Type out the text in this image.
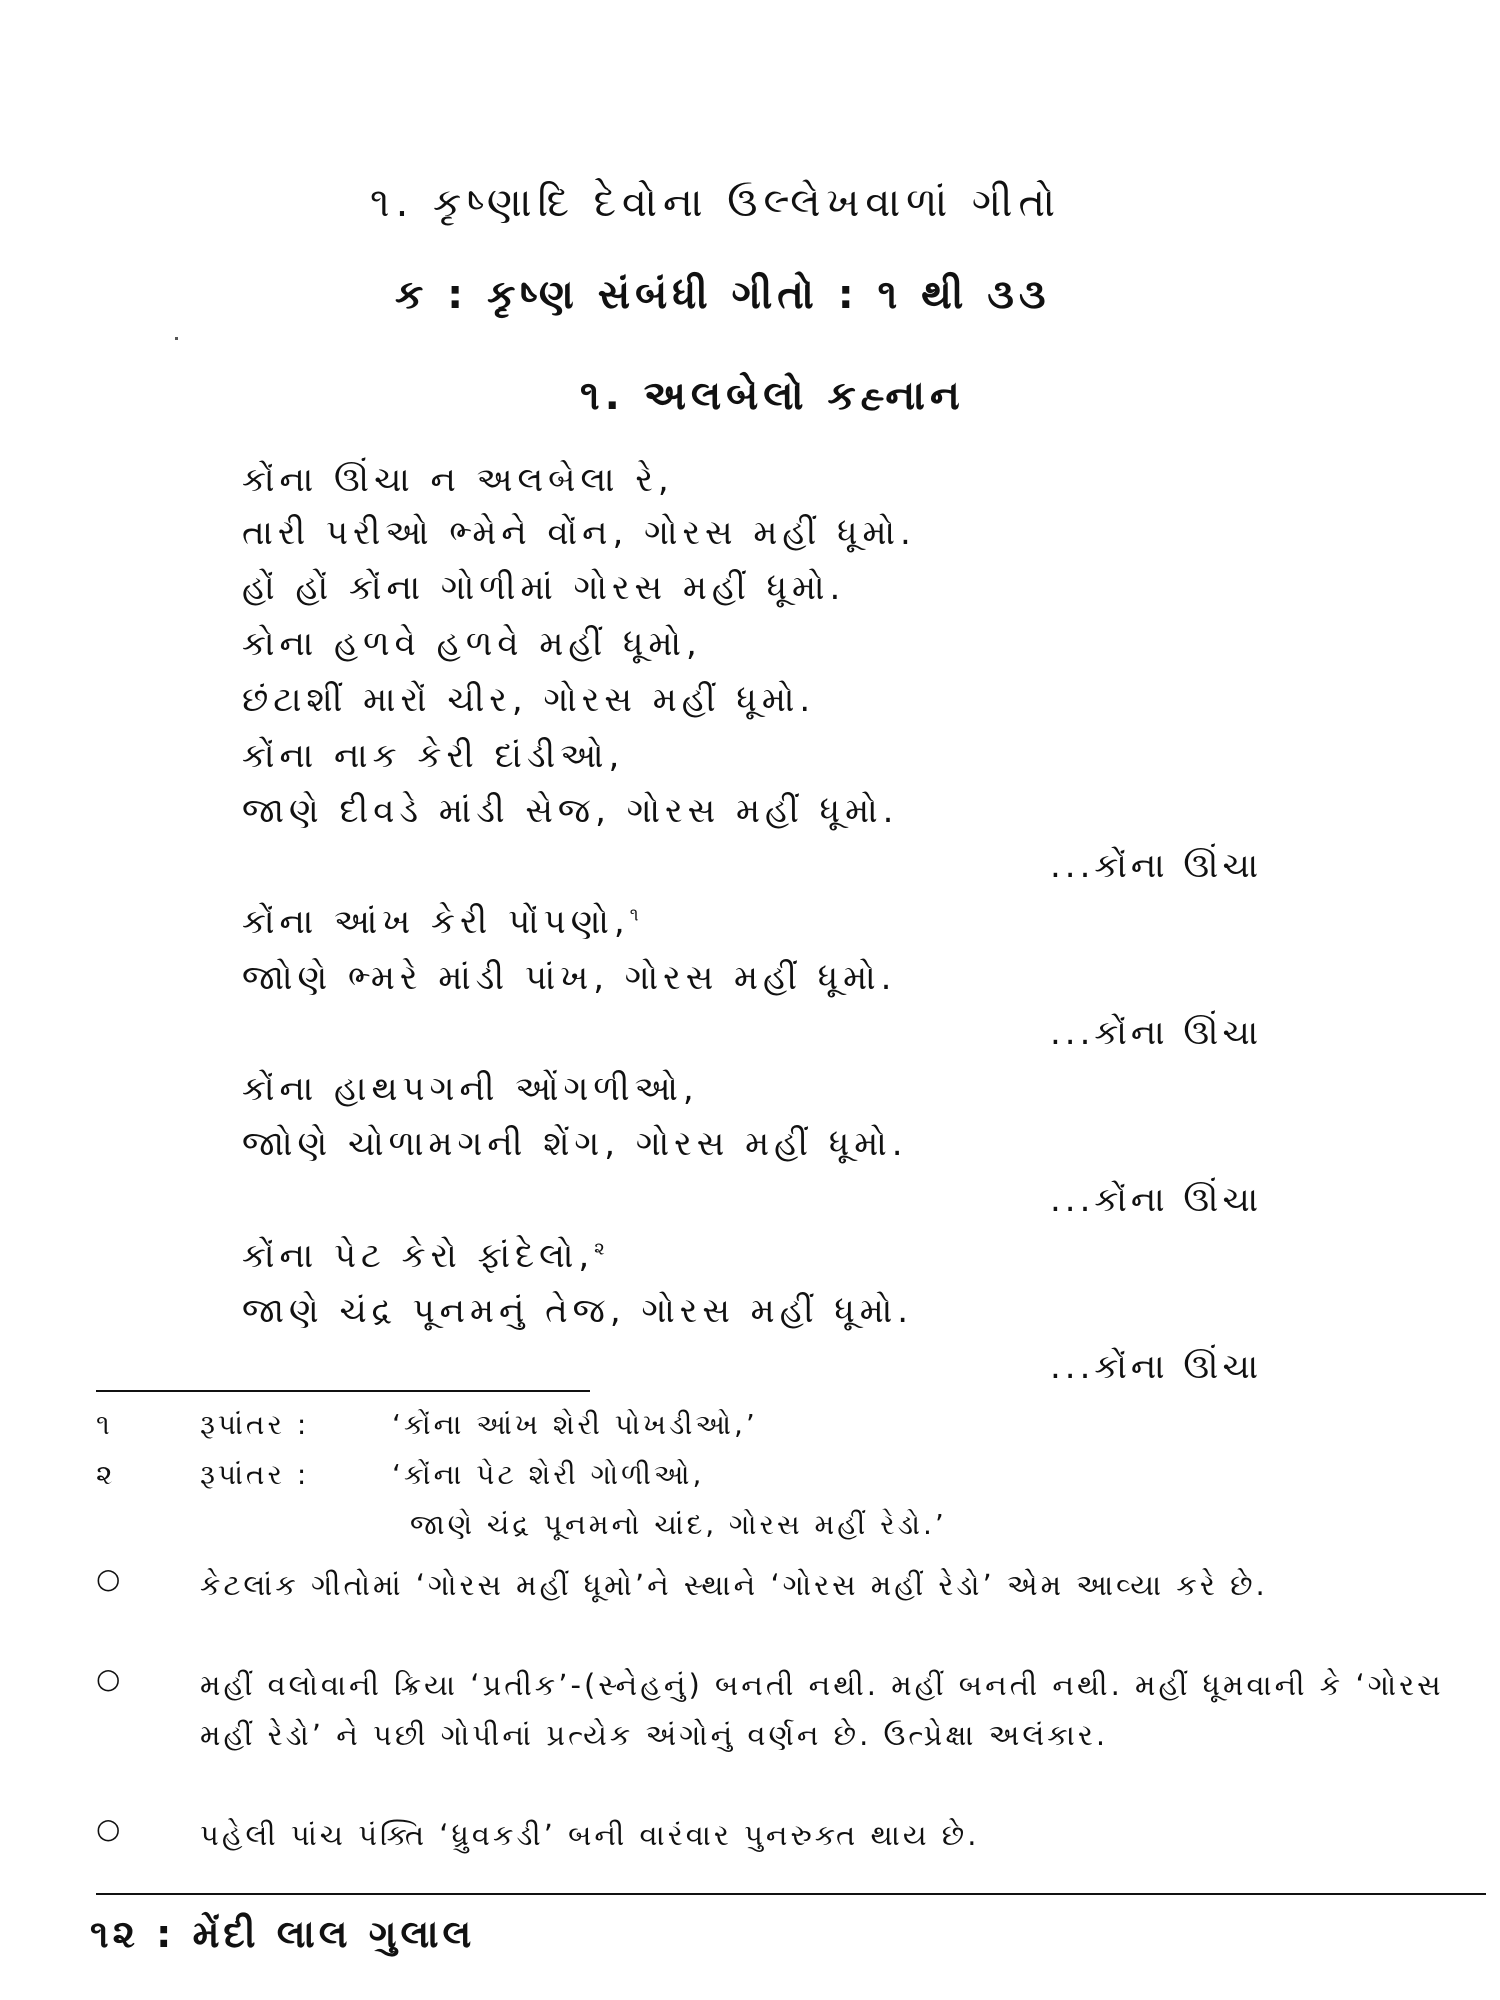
૧. કૃષ્ણાદિ દેવોના ઉલ્લેખવાળાં ગીતો
ક : કૃષ્ણ સંબંધી ગીતો : ૧ થી ૩૩
૧. અલબેલો કહ્નાન
કોંના ઊંચા ન અલબેલા રે,
તારી પરીઓ ભ્મેને વોંન, ગોરસ મહીં ધૂમો.
હોં હોં કોંના ગોળીમાં ગોરસ મહીં ધૂમો.
કોના હળવે હળવે મહીં ધૂમો,
છંટાશીં મારોં ચીર, ગોરસ મહીં ધૂમો.
કોંના નાક કેરી દાંડીઓ,
જાણે દીવડે માંડી સેજ, ગોરસ મહીં ધૂમો.
...કોંના ઊંચા
કોંના આંખ કેરી પોંપણો,$^૧$
જાોણે ભ્મરે માંડી પાંખ, ગોરસ મહીં ધૂમો.
...કોંના ઊંચા
કોંના હાથપગની ઓંગળીઓ,
જાોણે ચોળામગની શેંગ, ગોરસ મહીં ધૂમો.
...કોંના ઊંચા
કોંના પેટ કેરો ફાંદેલો,$^૨$
જાણે ચંદ્ર પૂનમનું તેજ, ગોરસ મહીં ધૂમો.
...કોંના ઊંચા
૧	રૂપાંતર :	‘કોંના આંખ શેરી પોખડીઓ,’
૨	રૂપાંતર :	‘કોંના પેટ શેરી ગોળીઓ,
જાણે ચંદ્ર પૂનમનો ચાંદ, ગોરસ મહીં રેડો.’
○	કેટલાંક ગીતોમાં ‘ગોરસ મહીં ધૂમો’ને સ્થાને ‘ગોરસ મહીં રેડો’ એમ આવ્યા કરે છે.
○	મહીં વલોવાની ક્રિયા ‘પ્રતીક’-(સ્નેહનું) બનતી નથી. મહીં બનતી નથી. મહીં ધૂમવાની કે ‘ગોરસ મહીં રેડો’ ને પછી ગોપીનાં પ્રત્યેક અંગોનું વર્ણન છે. ઉત્પ્રેક્ષા અલંકાર.
○	પહેલી પાંચ પંક્તિ ‘ધ્રુવકડી’ બની વારંવાર પુનરુક્ત થાય છે.
૧૨ : મેંદી લાલ ગુલાલ
